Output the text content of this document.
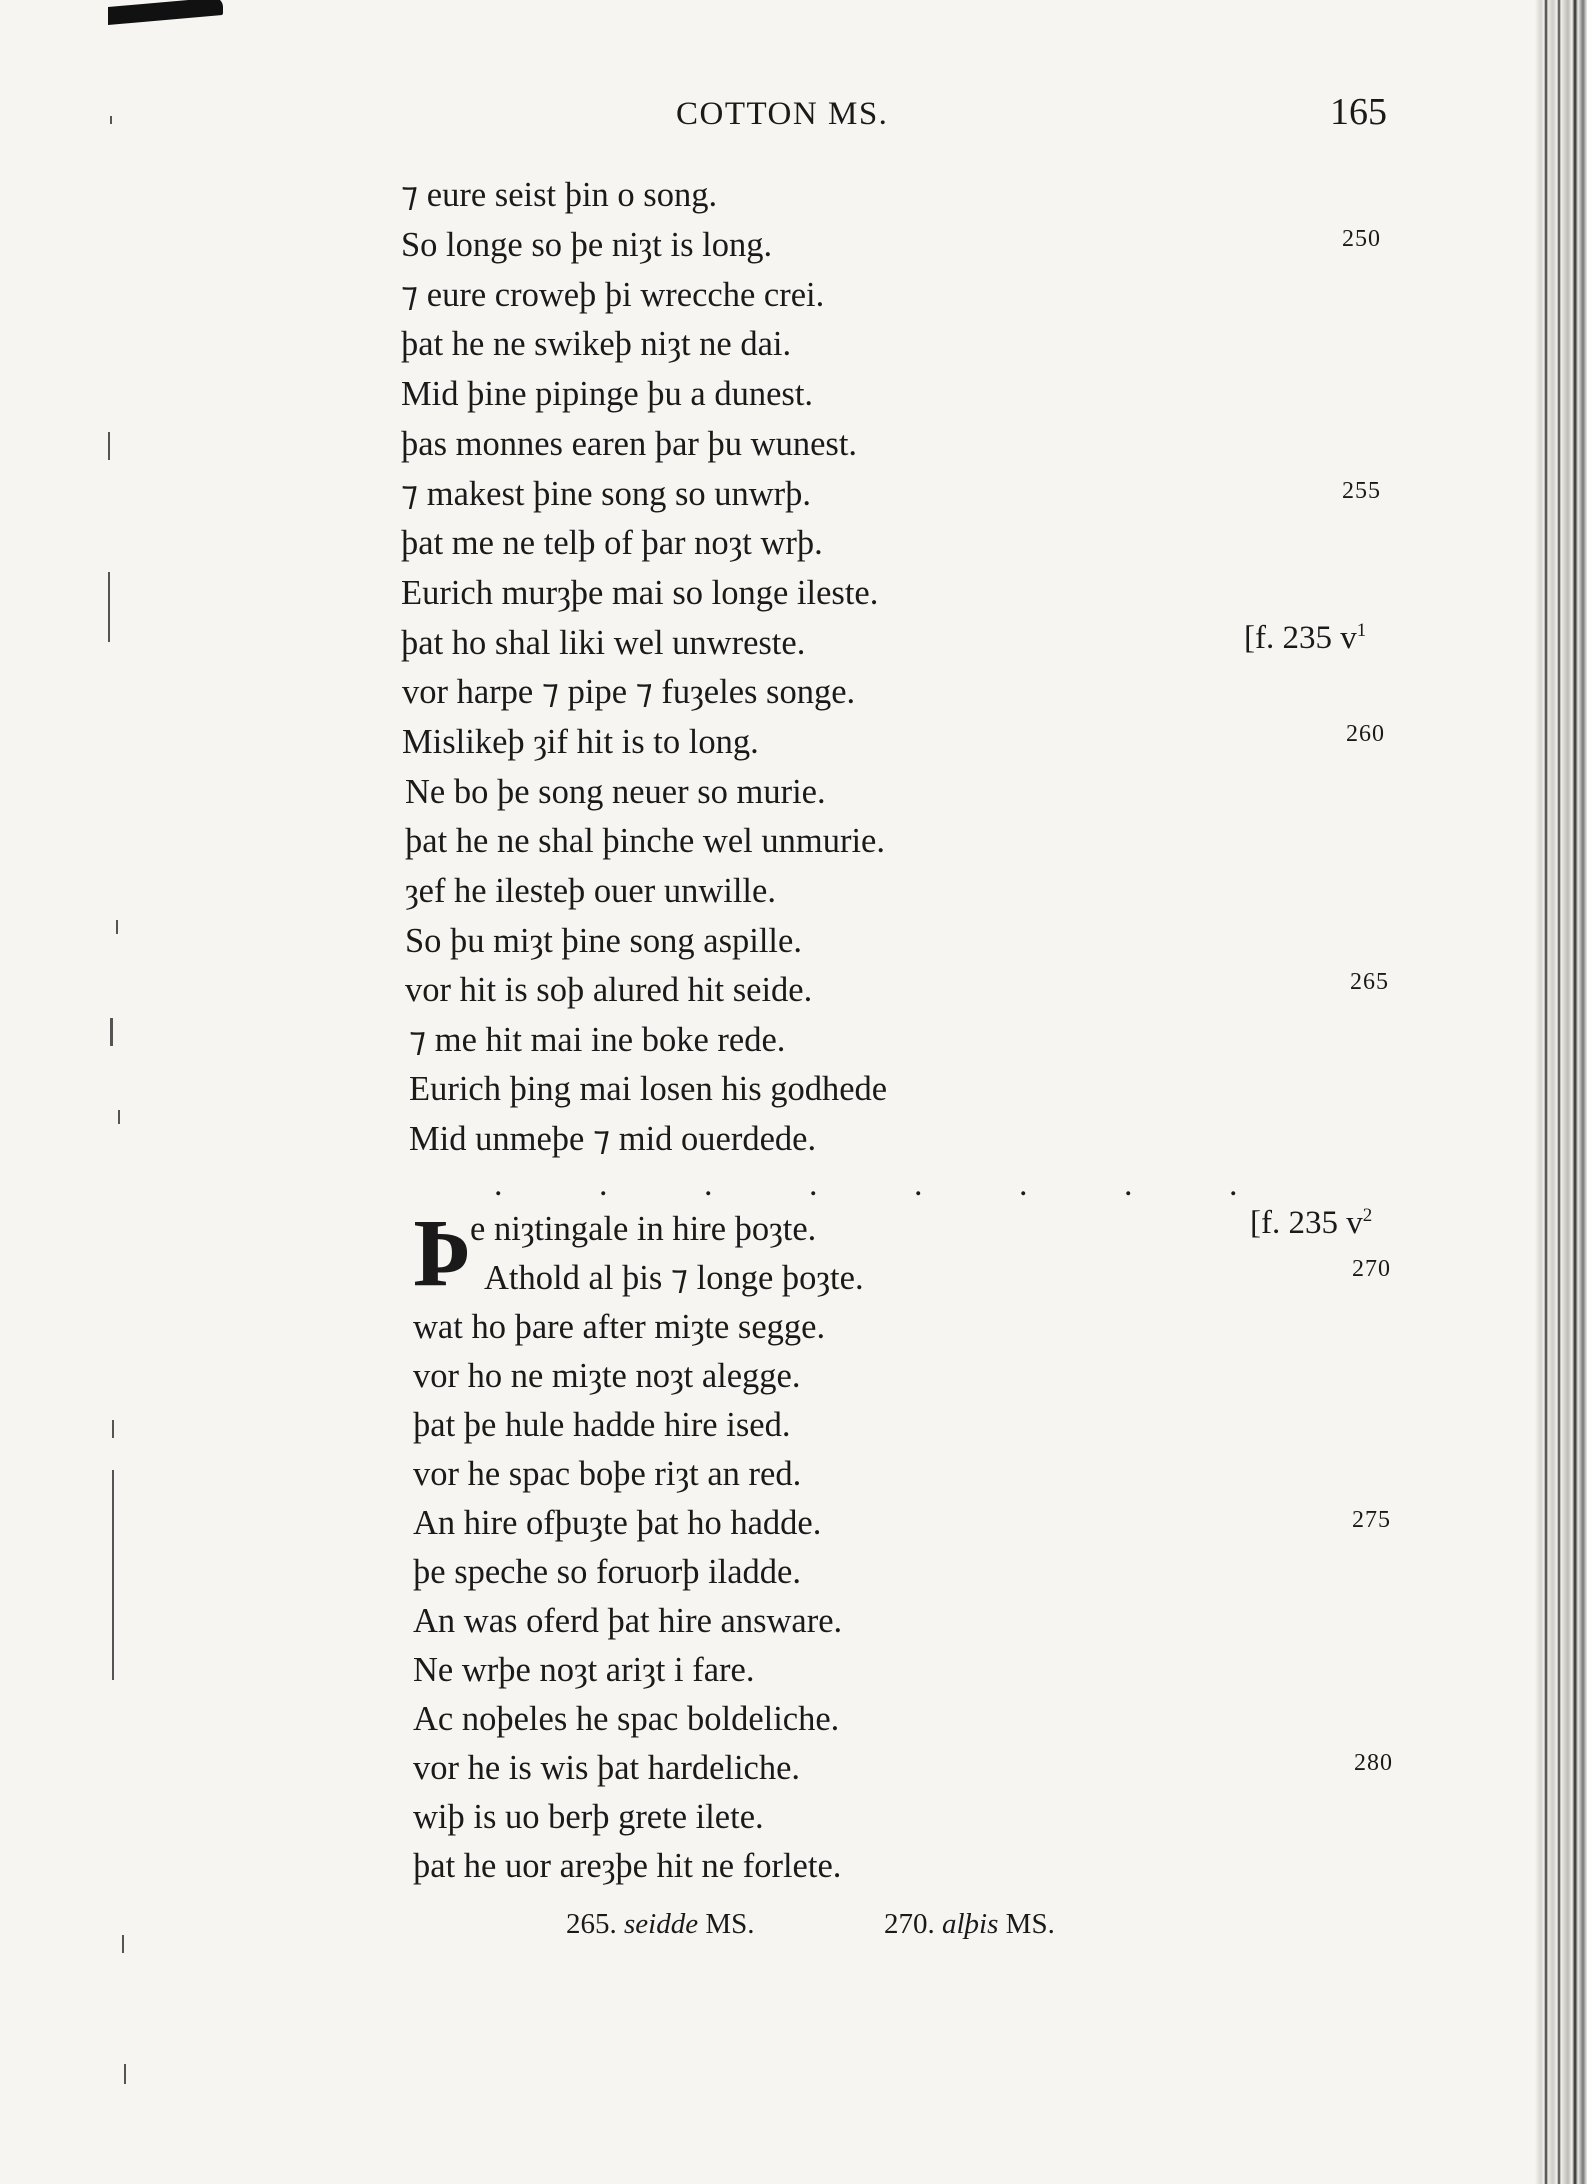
COTTON MS.	165
⁊ eure seist þin o song.
So longe so þe niȝt is long.
⁊ eure croweþ þi wrecche crei.
þat he ne swikeþ niȝt ne dai.
Mid þine pipinge þu a dunest.
þas monnes earen þar þu wunest.
⁊ makest þine song so unwrþ.
þat me ne telþ of þar noȝt wrþ.
Eurich murȝþe mai so longe ileste.
þat ho shal liki wel unwreste.
vor harpe ⁊ pipe ⁊ fuȝeles songe.
Mislikeþ ȝif hit is to long.
Ne bo þe song neuer so murie.
þat he ne shal þinche wel unmurie.
ȝef he ilesteþ ouer unwille.
So þu miȝt þine song aspille.
vor hit is soþ alured hit seide.
⁊ me hit mai ine boke rede.
Eurich þing mai losen his godhede
Mid unmeþe ⁊ mid ouerdede.
. . . . . . . .
Þ
e niȝtingale in hire þoȝte.
Athold al þis ⁊ longe þoȝte.
wat ho þare after miȝte segge.
vor ho ne miȝte noȝt alegge.
þat þe hule hadde hire ised.
vor he spac boþe riȝt an red.
An hire ofþuȝte þat ho hadde.
þe speche so foruorþ iladde.
An was oferd þat hire answare.
Ne wrþe noȝt ariȝt i fare.
Ac noþeles he spac boldeliche.
vor he is wis þat hardeliche.
wiþ is uo berþ grete ilete.
þat he uor areȝþe hit ne forlete.
250
255
260
265
270
275
280
[f. 235 $v^1$
[f. 235 $v^2$
265. seidde MS.	270. alþis MS.
